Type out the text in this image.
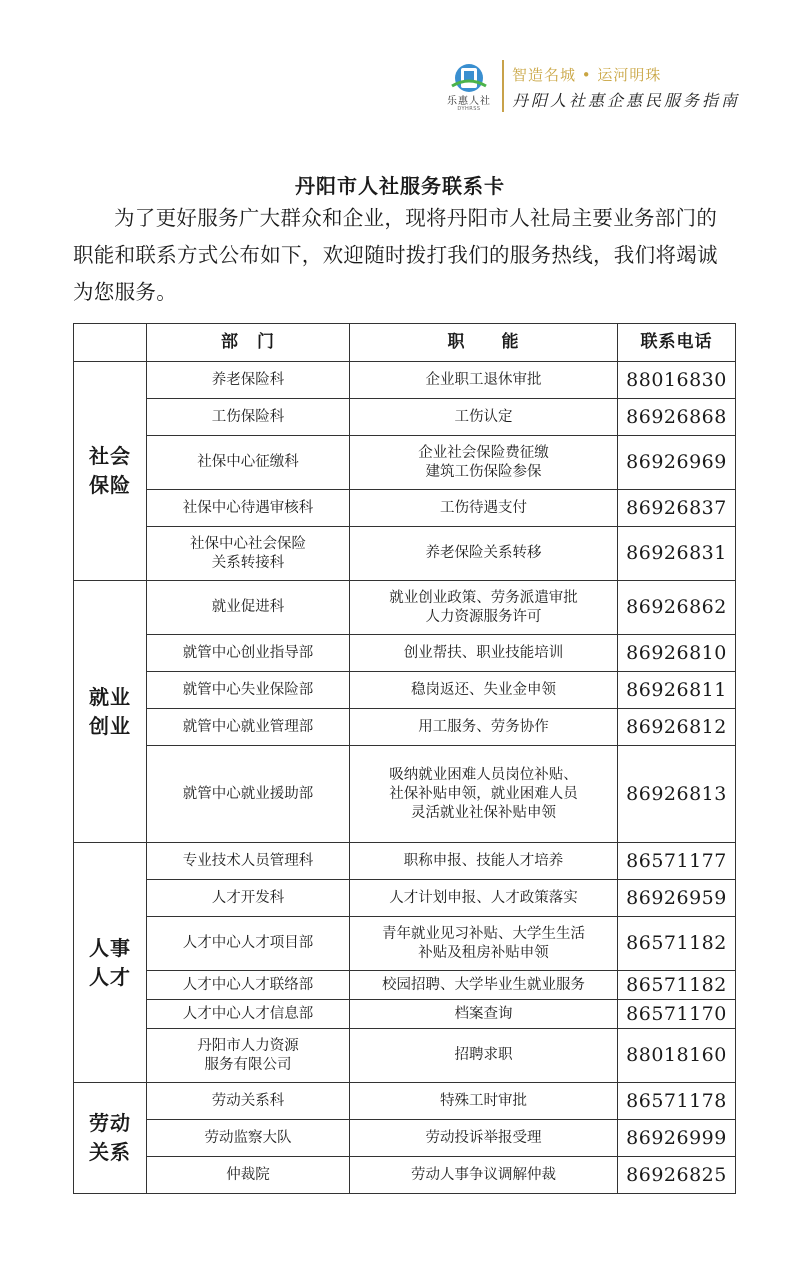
乐惠人社
DYHRSS
智造名城 • 运河明珠
丹阳人社惠企惠民服务指南
丹阳市人社服务联系卡
为了更好服务广大群众和企业，现将丹阳市人社局主要业务部门的职能和联系方式公布如下，欢迎随时拨打我们的服务热线，我们将竭诚为您服务。
	部　门	职　　能	联系电话
社会
保险	养老保险科	企业职工退休审批	88016830
	工伤保险科	工伤认定	86926868
	社保中心征缴科	企业社会保险费征缴
建筑工伤保险参保	86926969
	社保中心待遇审核科	工伤待遇支付	86926837
	社保中心社会保险
关系转接科	养老保险关系转移	86926831
就业
创业	就业促进科	就业创业政策、劳务派遣审批
人力资源服务许可	86926862
	就管中心创业指导部	创业帮扶、职业技能培训	86926810
	就管中心失业保险部	稳岗返还、失业金申领	86926811
	就管中心就业管理部	用工服务、劳务协作	86926812
	就管中心就业援助部	吸纳就业困难人员岗位补贴、
社保补贴申领，就业困难人员
灵活就业社保补贴申领	86926813
人事
人才	专业技术人员管理科	职称申报、技能人才培养	86571177
	人才开发科	人才计划申报、人才政策落实	86926959
	人才中心人才项目部	青年就业见习补贴、大学生生活
补贴及租房补贴申领	86571182
	人才中心人才联络部	校园招聘、大学毕业生就业服务	86571182
	人才中心人才信息部	档案查询	86571170
	丹阳市人力资源
服务有限公司	招聘求职	88018160
劳动
关系	劳动关系科	特殊工时审批	86571178
	劳动监察大队	劳动投诉举报受理	86926999
	仲裁院	劳动人事争议调解仲裁	86926825
